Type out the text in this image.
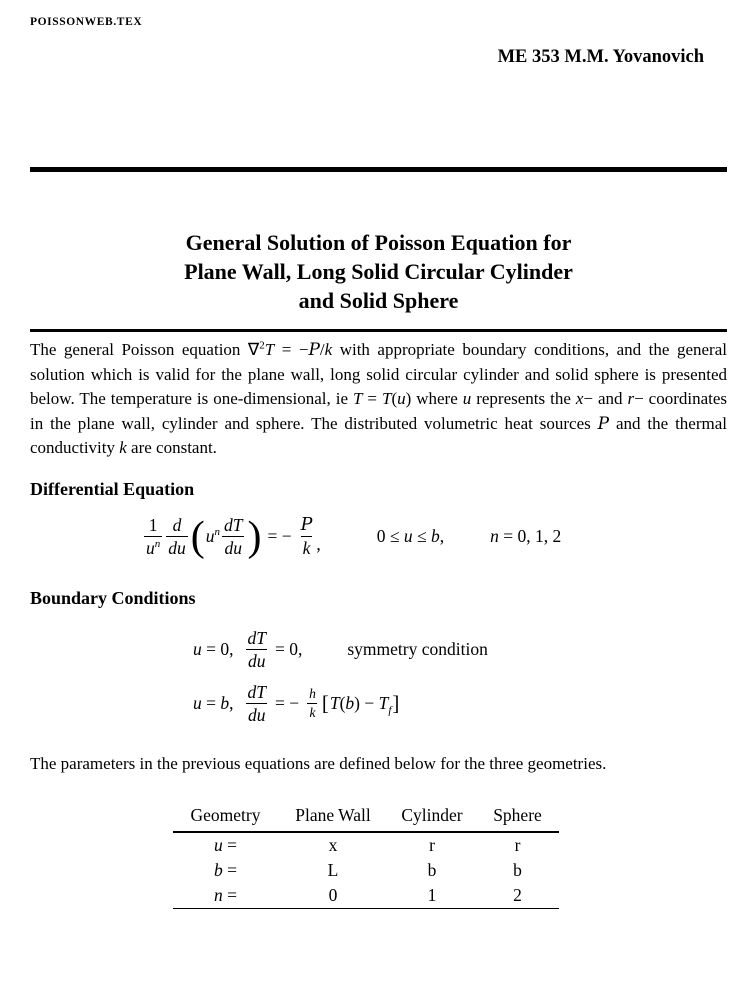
POISSONWEB.TEX
ME 353 M.M. Yovanovich
General Solution of Poisson Equation for
Plane Wall, Long Solid Circular Cylinder
and Solid Sphere

The general Poisson equation ∇$^2$T = −P/k with appropriate boundary conditions, and the general solution which is valid for the plane wall, long solid circular cylinder and solid sphere is presented below. The temperature is one-dimensional, ie T = T(u) where u represents the x− and r− coordinates in the plane wall, cylinder and sphere. The distributed volumetric heat sources P and the thermal conductivity k are constant.

Differential Equation
$\frac{1}{u^n} \frac{d}{du}$ ( $u^n \frac{dT}{du}$ ) = − $\frac{P}{k}$ ,	0 ≤ u ≤ b,	n = 0, 1, 2
Boundary Conditions
u = 0, $\frac{dT}{du} = 0$,	symmetry condition
u = b, $\frac{dT}{du}$ = − $\frac{h}{k}$ [ $T(b) - T_f$ ]

The parameters in the previous equations are defined below for the three geometries.

Geometry	Plane Wall	Cylinder	Sphere
u =	x	r	r
b =	L	b	b
n =	0	1	2
